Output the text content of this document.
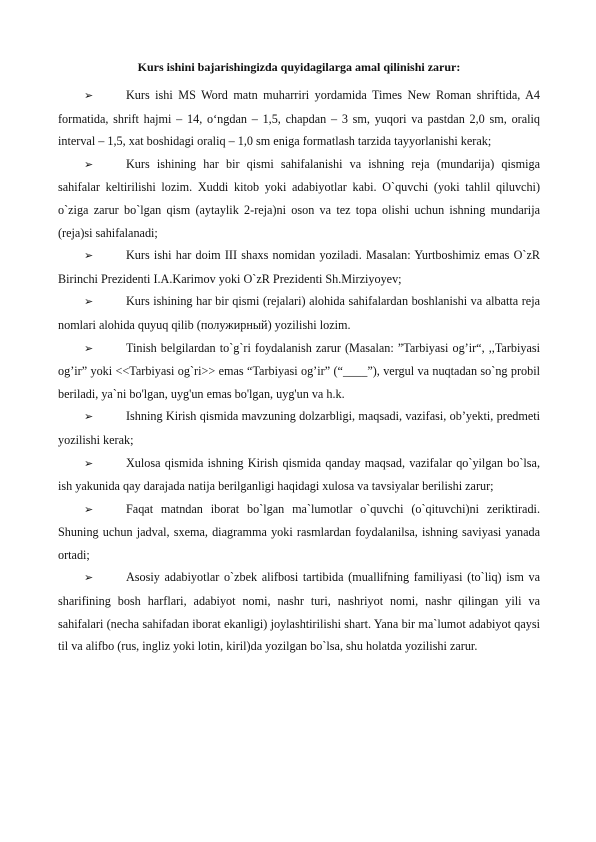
Kurs ishini bajarishingizda quyidagilarga amal qilinishi zarur:

➢	Kurs ishi MS Word matn muharriri yordamida Times New Roman shriftida, A4 formatida, shrift hajmi – 14, o‘ngdan – 1,5, chapdan – 3 sm, yuqori va pastdan 2,0 sm, oraliq interval – 1,5, xat boshidagi oraliq – 1,0 sm eniga formatlash tarzida tayyorlanishi kerak;

➢	Kurs ishining har bir qismi sahifalanishi va ishning reja (mundarija) qismiga sahifalar keltirilishi lozim. Xuddi kitob yoki adabiyotlar kabi. O`quvchi (yoki tahlil qiluvchi) o`ziga zarur bo`lgan qism (aytaylik 2-reja)ni oson va tez topa olishi uchun ishning mundarija (reja)si sahifalanadi;

➢	Kurs ishi har doim III shaxs nomidan yoziladi. Masalan: Yurtboshimiz emas O`zR Birinchi Prezidenti I.A.Karimov yoki O`zR Prezidenti Sh.Mirziyoyev;

➢	Kurs ishining har bir qismi (rejalari) alohida sahifalardan boshlanishi va albatta reja nomlari alohida quyuq qilib (полужирный) yozilishi lozim.

➢	Tinish belgilardan to`g`ri foydalanish zarur (Masalan: ”Tarbiyasi og’ir“, ,,Tarbiyasi og’ir” yoki <<Tarbiyasi og`ri>> emas “Tarbiyasi og’ir” (“____”), vergul va nuqtadan so`ng probil beriladi, ya`ni bo'lgan, uyg'un emas bo'lgan, uyg'un va h.k.

➢	Ishning Kirish qismida mavzuning dolzarbligi, maqsadi, vazifasi, ob’yekti, predmeti yozilishi kerak;

➢	Xulosa qismida ishning Kirish qismida qanday maqsad, vazifalar qo`yilgan bo`lsa, ish yakunida qay darajada natija berilganligi haqidagi xulosa va tavsiyalar berilishi zarur;

➢	Faqat matndan iborat bo`lgan ma`lumotlar o`quvchi (o`qituvchi)ni zeriktiradi. Shuning uchun jadval, sxema, diagramma yoki rasmlardan foydalanilsa, ishning saviyasi yanada ortadi;

➢	Asosiy adabiyotlar o`zbek alifbosi tartibida (muallifning familiyasi (to`liq) ism va sharifining bosh harflari, adabiyot nomi, nashr turi, nashriyot nomi, nashr qilingan yili va sahifalari (necha sahifadan iborat ekanligi) joylashtirilishi shart. Yana bir ma`lumot adabiyot qaysi til va alifbo (rus, ingliz yoki lotin, kiril)da yozilgan bo`lsa, shu holatda yozilishi zarur.
